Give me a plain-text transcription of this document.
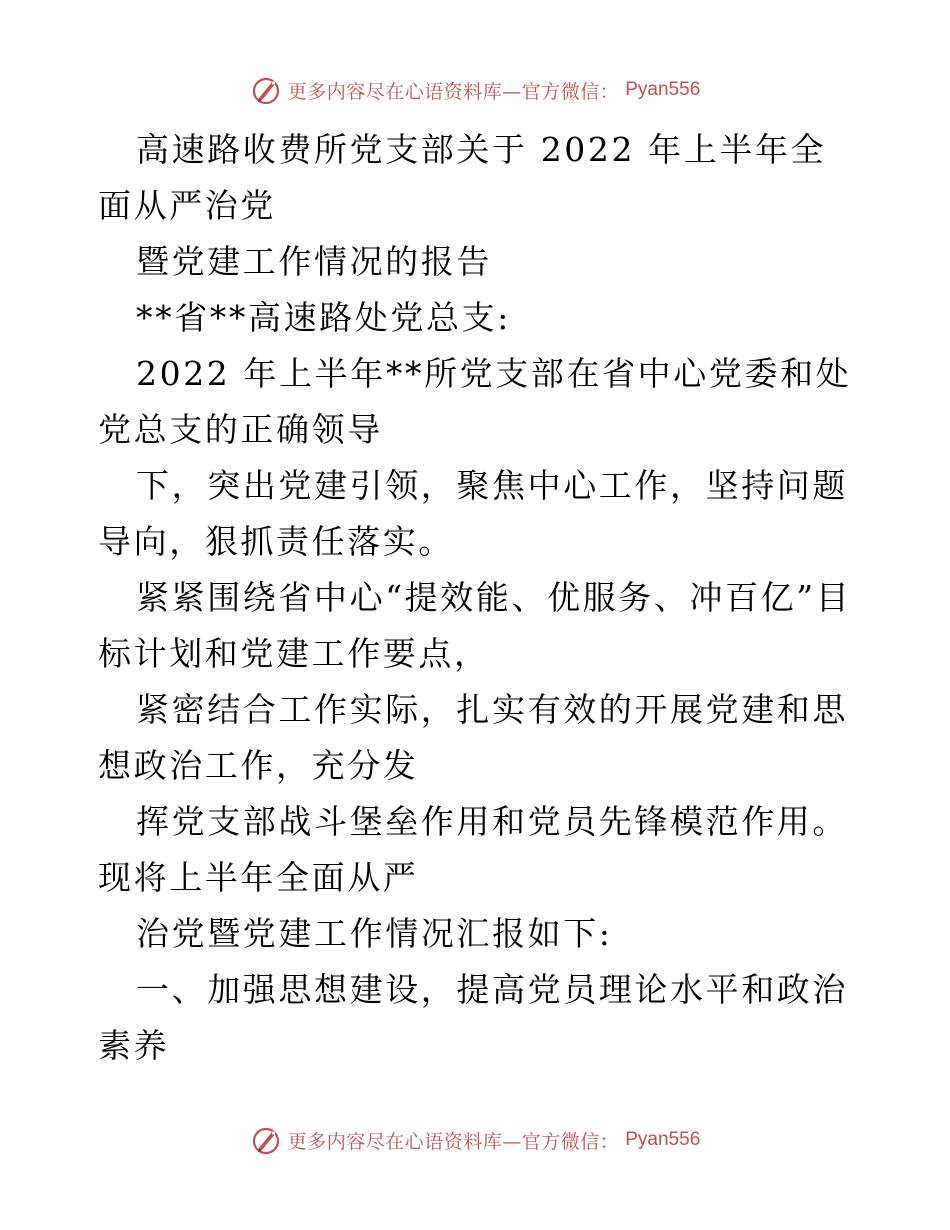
更多内容尽在心语资料库—官方微信： Pyan556

高速路收费所党支部关于 2022 年上半年全面从严治党

暨党建工作情况的报告

**省**高速路处党总支:

2022 年上半年**所党支部在省中心党委和处党总支的正确领导

下，突出党建引领，聚焦中心工作，坚持问题导向，狠抓责任落实。

紧紧围绕省中心“提效能、优服务、冲百亿”目标计划和党建工作要点，

紧密结合工作实际，扎实有效的开展党建和思想政治工作，充分发

挥党支部战斗堡垒作用和党员先锋模范作用。现将上半年全面从严

治党暨党建工作情况汇报如下:

一、加强思想建设，提高党员理论水平和政治素养

更多内容尽在心语资料库—官方微信： Pyan556
